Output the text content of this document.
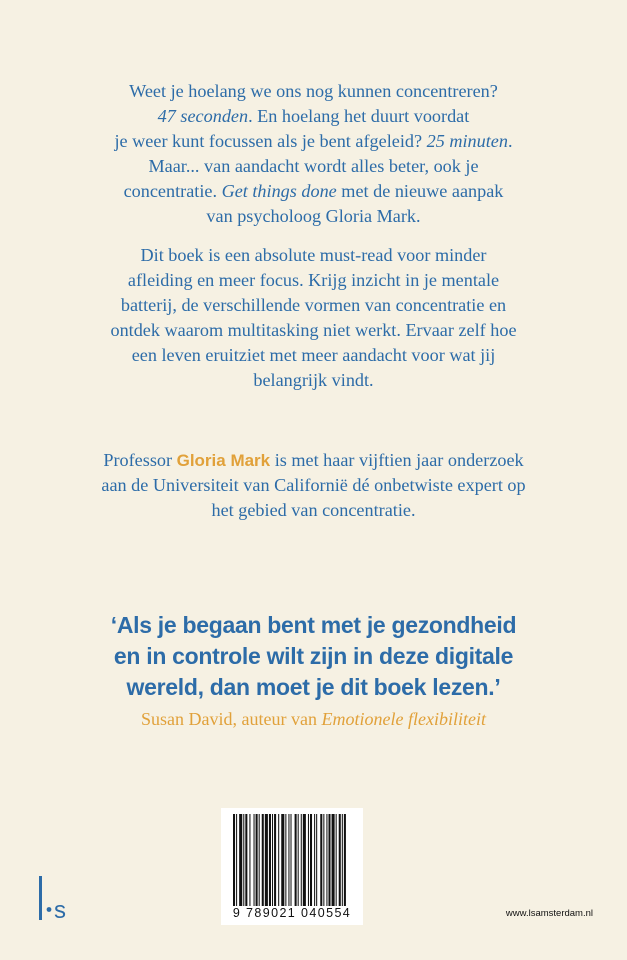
Weet je hoelang we ons nog kunnen concentreren?

47 seconden. En hoelang het duurt voordat

je weer kunt focussen als je bent afgeleid? 25 minuten.

Maar... van aandacht wordt alles beter, ook je

concentratie. Get things done met de nieuwe aanpak

van psycholoog Gloria Mark.

Dit boek is een absolute must-read voor minder

afleiding en meer focus. Krijg inzicht in je mentale

batterij, de verschillende vormen van concentratie en

ontdek waarom multitasking niet werkt. Ervaar zelf hoe

een leven eruitziet met meer aandacht voor wat jij

belangrijk vindt.

Professor Gloria Mark is met haar vijftien jaar onderzoek

aan de Universiteit van Californië dé onbetwiste expert op

het gebied van concentratie.

‘Als je begaan bent met je gezondheid

en in controle wilt zijn in deze digitale

wereld, dan moet je dit boek lezen.’

Susan David, auteur van Emotionele flexibiliteit
9 789021 040554
s	www.lsamsterdam.nl
